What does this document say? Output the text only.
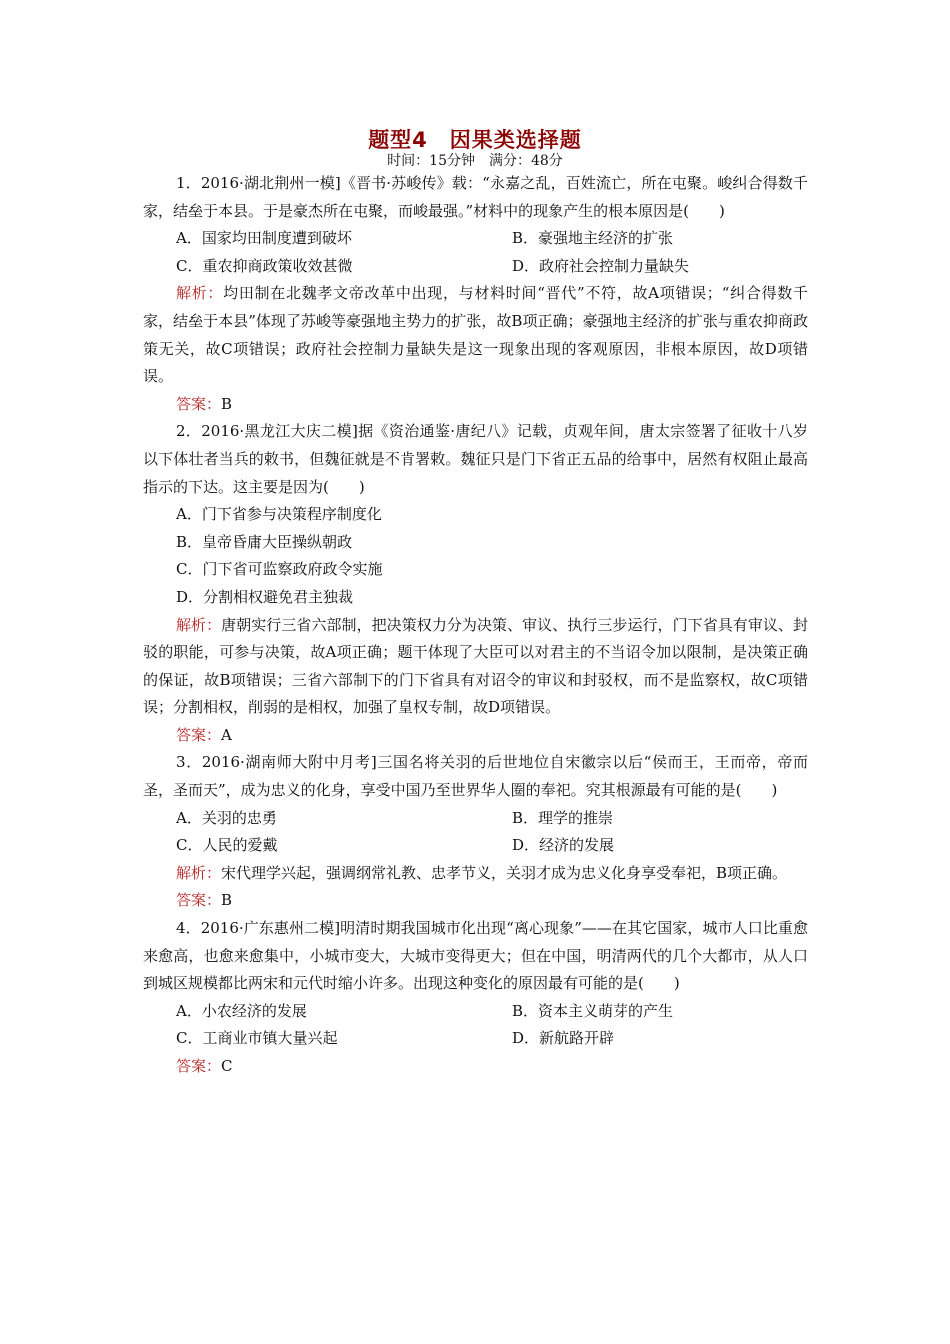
题型4　因果类选择题
时间：15分钟　满分：48分

1．2016·湖北荆州一模]《晋书·苏峻传》载：“永嘉之乱，百姓流亡，所在屯聚。峻纠合得数千家，结垒于本县。于是豪杰所在屯聚，而峻最强。”材料中的现象产生的根本原因是(　　)

A．国家均田制度遭到破坏	B．豪强地主经济的扩张
C．重农抑商政策收效甚微	D．政府社会控制力量缺失

解析：均田制在北魏孝文帝改革中出现，与材料时间“晋代”不符，故A项错误；“纠合得数千家，结垒于本县”体现了苏峻等豪强地主势力的扩张，故B项正确；豪强地主经济的扩张与重农抑商政策无关，故C项错误；政府社会控制力量缺失是这一现象出现的客观原因，非根本原因，故D项错误。

答案：B

2．2016·黑龙江大庆二模]据《资治通鉴·唐纪八》记载，贞观年间，唐太宗签署了征收十八岁以下体壮者当兵的敕书，但魏征就是不肯署敕。魏征只是门下省正五品的给事中，居然有权阻止最高指示的下达。这主要是因为(　　)

A．门下省参与决策程序制度化

B．皇帝昏庸大臣操纵朝政

C．门下省可监察政府政令实施

D．分割相权避免君主独裁

解析：唐朝实行三省六部制，把决策权力分为决策、审议、执行三步运行，门下省具有审议、封驳的职能，可参与决策，故A项正确；题干体现了大臣可以对君主的不当诏令加以限制，是决策正确的保证，故B项错误；三省六部制下的门下省具有对诏令的审议和封驳权，而不是监察权，故C项错误；分割相权，削弱的是相权，加强了皇权专制，故D项错误。

答案：A

3．2016·湖南师大附中月考]三国名将关羽的后世地位自宋徽宗以后“侯而王，王而帝，帝而圣，圣而天”，成为忠义的化身，享受中国乃至世界华人圈的奉祀。究其根源最有可能的是(　　)

A．关羽的忠勇	B．理学的推崇
C．人民的爱戴	D．经济的发展

解析：宋代理学兴起，强调纲常礼教、忠孝节义，关羽才成为忠义化身享受奉祀，B项正确。

答案：B

4．2016·广东惠州二模]明清时期我国城市化出现“离心现象”——在其它国家，城市人口比重愈来愈高，也愈来愈集中，小城市变大，大城市变得更大；但在中国，明清两代的几个大都市，从人口到城区规模都比两宋和元代时缩小许多。出现这种变化的原因最有可能的是(　　)

A．小农经济的发展	B．资本主义萌芽的产生
C．工商业市镇大量兴起	D．新航路开辟

答案：C
